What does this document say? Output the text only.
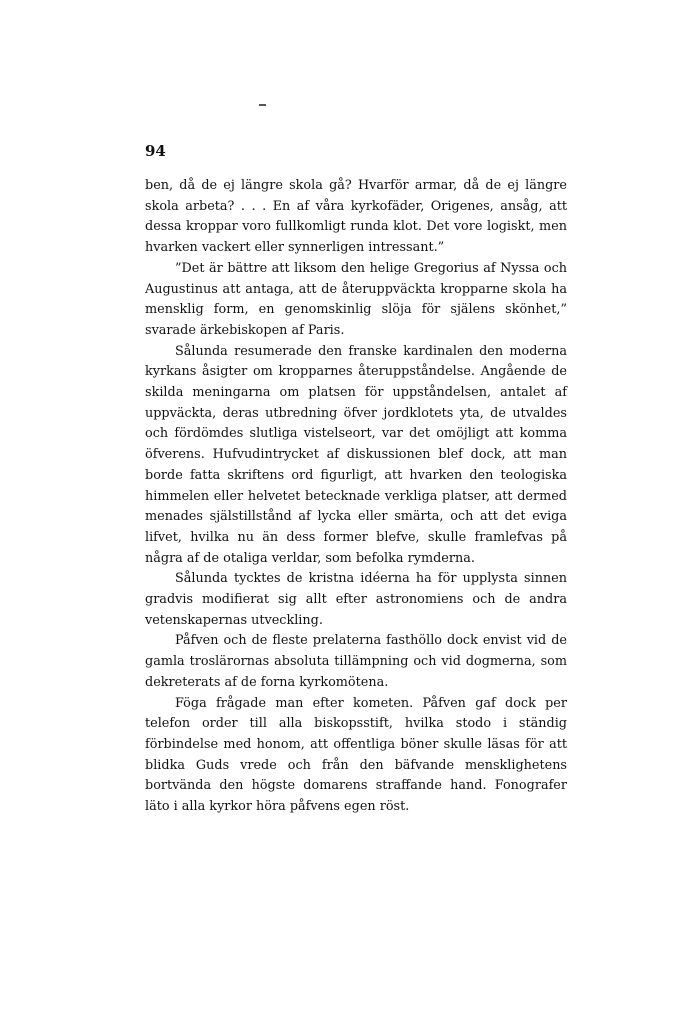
94

ben, då de ej längre skola gå? Hvarför armar, då de ej längre skola arbeta? . . . En af våra kyrkofäder, Origenes, ansåg, att dessa kroppar voro fullkomligt runda klot. Det vore logiskt, men hvarken vackert eller synnerligen intressant.”

”Det är bättre att liksom den helige Gregorius af Nyssa och Augustinus att antaga, att de återuppväckta kropparne skola ha mensklig form, en genomskinlig slöja för själens skönhet,” svarade ärkebiskopen af Paris.

Sålunda resumerade den franske kardinalen den moderna kyrkans åsigter om kropparnes återuppståndelse. Angående de skilda meningarna om platsen för uppståndelsen, antalet af uppväckta, deras utbredning öfver jordklotets yta, de utvaldes och fördömdes slutliga vistelseort, var det omöjligt att komma öfverens. Hufvudintrycket af diskussionen blef dock, att man borde fatta skriftens ord figurligt, att hvarken den teologiska himmelen eller helvetet betecknade verkliga platser, att dermed menades själstillstånd af lycka eller smärta, och att det eviga lifvet, hvilka nu än dess former blefve, skulle framlefvas på några af de otaliga verldar, som befolka rymderna.

Sålunda tycktes de kristna idéerna ha för upplysta sinnen gradvis modifierat sig allt efter astronomiens och de andra vetenskapernas utveckling.

Påfven och de fleste prelaterna fasthöllo dock envist vid de gamla troslärornas absoluta tillämpning och vid dogmerna, som dekreterats af de forna kyrkomötena.

Föga frågade man efter kometen. Påfven gaf dock per telefon order till alla biskopsstift, hvilka stodo i ständig förbindelse med honom, att offentliga böner skulle läsas för att blidka Guds vrede och från den bäfvande mensklighetens bortvända den högste domarens straffande hand. Fonografer läto i alla kyrkor höra påfvens egen röst.
